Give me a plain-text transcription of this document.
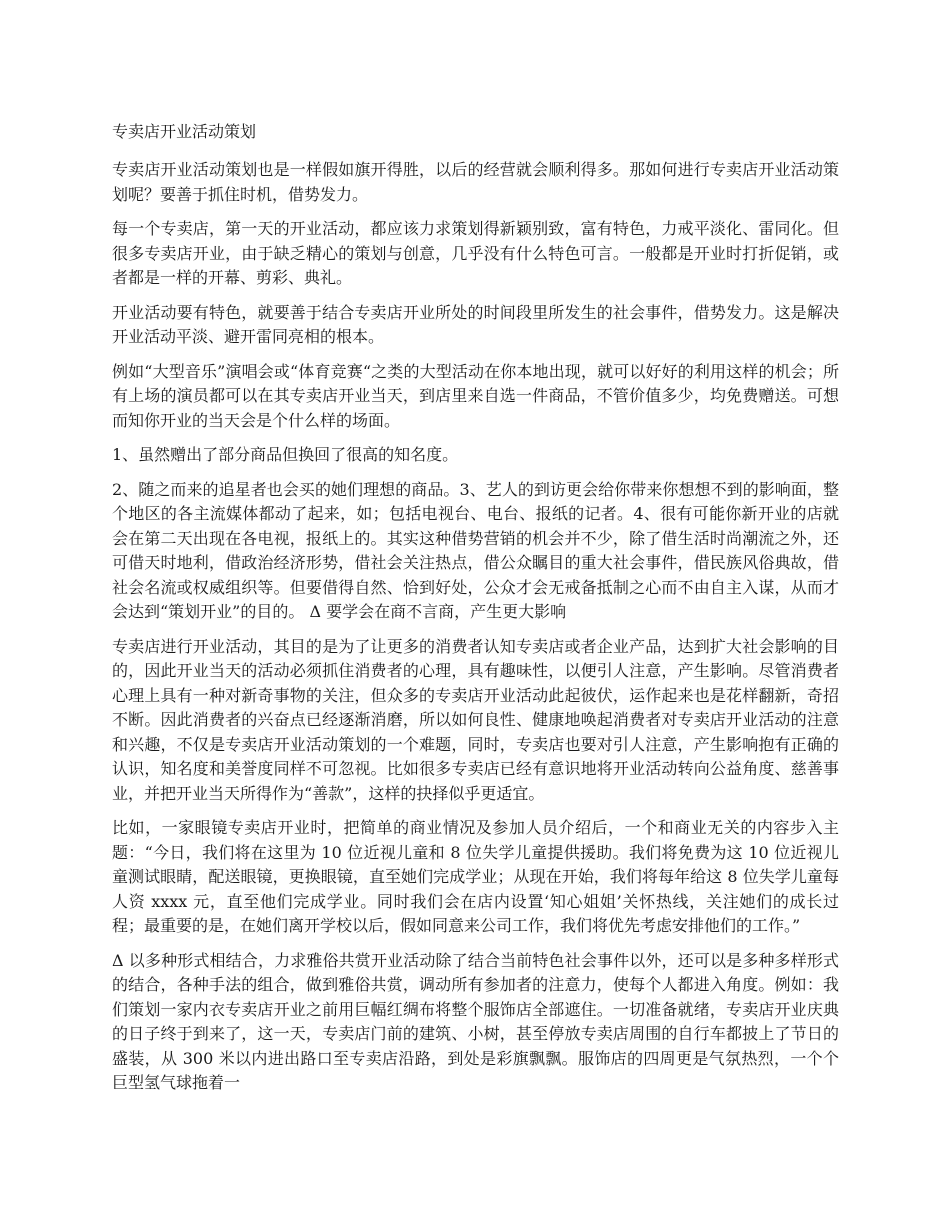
专卖店开业活动策划

专卖店开业活动策划也是一样假如旗开得胜，以后的经营就会顺利得多。那如何进行专卖店开业活动策划呢？要善于抓住时机，借势发力。

每一个专卖店，第一天的开业活动，都应该力求策划得新颖别致，富有特色，力戒平淡化、雷同化。但很多专卖店开业，由于缺乏精心的策划与创意，几乎没有什么特色可言。一般都是开业时打折促销，或者都是一样的开幕、剪彩、典礼。

开业活动要有特色，就要善于结合专卖店开业所处的时间段里所发生的社会事件，借势发力。这是解决开业活动平淡、避开雷同亮相的根本。

例如“大型音乐”演唱会或“体育竞赛“之类的大型活动在你本地出现，就可以好好的利用这样的机会；所有上场的演员都可以在其专卖店开业当天，到店里来自选一件商品，不管价值多少，均免费赠送。可想而知你开业的当天会是个什么样的场面。

1、虽然赠出了部分商品但换回了很高的知名度。

2、随之而来的追星者也会买的她们理想的商品。3、艺人的到访更会给你带来你想想不到的影响面，整个地区的各主流媒体都动了起来，如；包括电视台、电台、报纸的记者。4、很有可能你新开业的店就会在第二天出现在各电视，报纸上的。其实这种借势营销的机会并不少，除了借生活时尚潮流之外，还可借天时地利，借政治经济形势，借社会关注热点，借公众瞩目的重大社会事件，借民族风俗典故，借社会名流或权威组织等。但要借得自然、恰到好处，公众才会无戒备抵制之心而不由自主入谋，从而才会达到“策划开业”的目的。 Δ 要学会在商不言商，产生更大影响

专卖店进行开业活动，其目的是为了让更多的消费者认知专卖店或者企业产品，达到扩大社会影响的目的，因此开业当天的活动必须抓住消费者的心理，具有趣味性，以便引人注意，产生影响。尽管消费者心理上具有一种对新奇事物的关注，但众多的专卖店开业活动此起彼伏，运作起来也是花样翻新，奇招不断。因此消费者的兴奋点已经逐渐消磨，所以如何良性、健康地唤起消费者对专卖店开业活动的注意和兴趣，不仅是专卖店开业活动策划的一个难题，同时，专卖店也要对引人注意，产生影响抱有正确的认识，知名度和美誉度同样不可忽视。比如很多专卖店已经有意识地将开业活动转向公益角度、慈善事业，并把开业当天所得作为“善款”，这样的抉择似乎更适宜。

比如，一家眼镜专卖店开业时，把简单的商业情况及参加人员介绍后，一个和商业无关的内容步入主题：“今日，我们将在这里为 10 位近视儿童和 8 位失学儿童提供援助。我们将免费为这 10 位近视儿童测试眼睛，配送眼镜，更换眼镜，直至她们完成学业；从现在开始，我们将每年给这 8 位失学儿童每人资 xxxx 元，直至他们完成学业。同时我们会在店内设置‘知心姐姐’关怀热线，关注她们的成长过程；最重要的是，在她们离开学校以后，假如同意来公司工作，我们将优先考虑安排他们的工作。”

Δ 以多种形式相结合，力求雅俗共赏开业活动除了结合当前特色社会事件以外，还可以是多种多样形式的结合，各种手法的组合，做到雅俗共赏，调动所有参加者的注意力，使每个人都进入角度。例如：我们策划一家内衣专卖店开业之前用巨幅红绸布将整个服饰店全部遮住。一切准备就绪，专卖店开业庆典的日子终于到来了，这一天，专卖店门前的建筑、小树，甚至停放专卖店周围的自行车都披上了节日的盛装，从 300 米以内进出路口至专卖店沿路，到处是彩旗飘飘。服饰店的四周更是气氛热烈，一个个巨型氢气球拖着一
